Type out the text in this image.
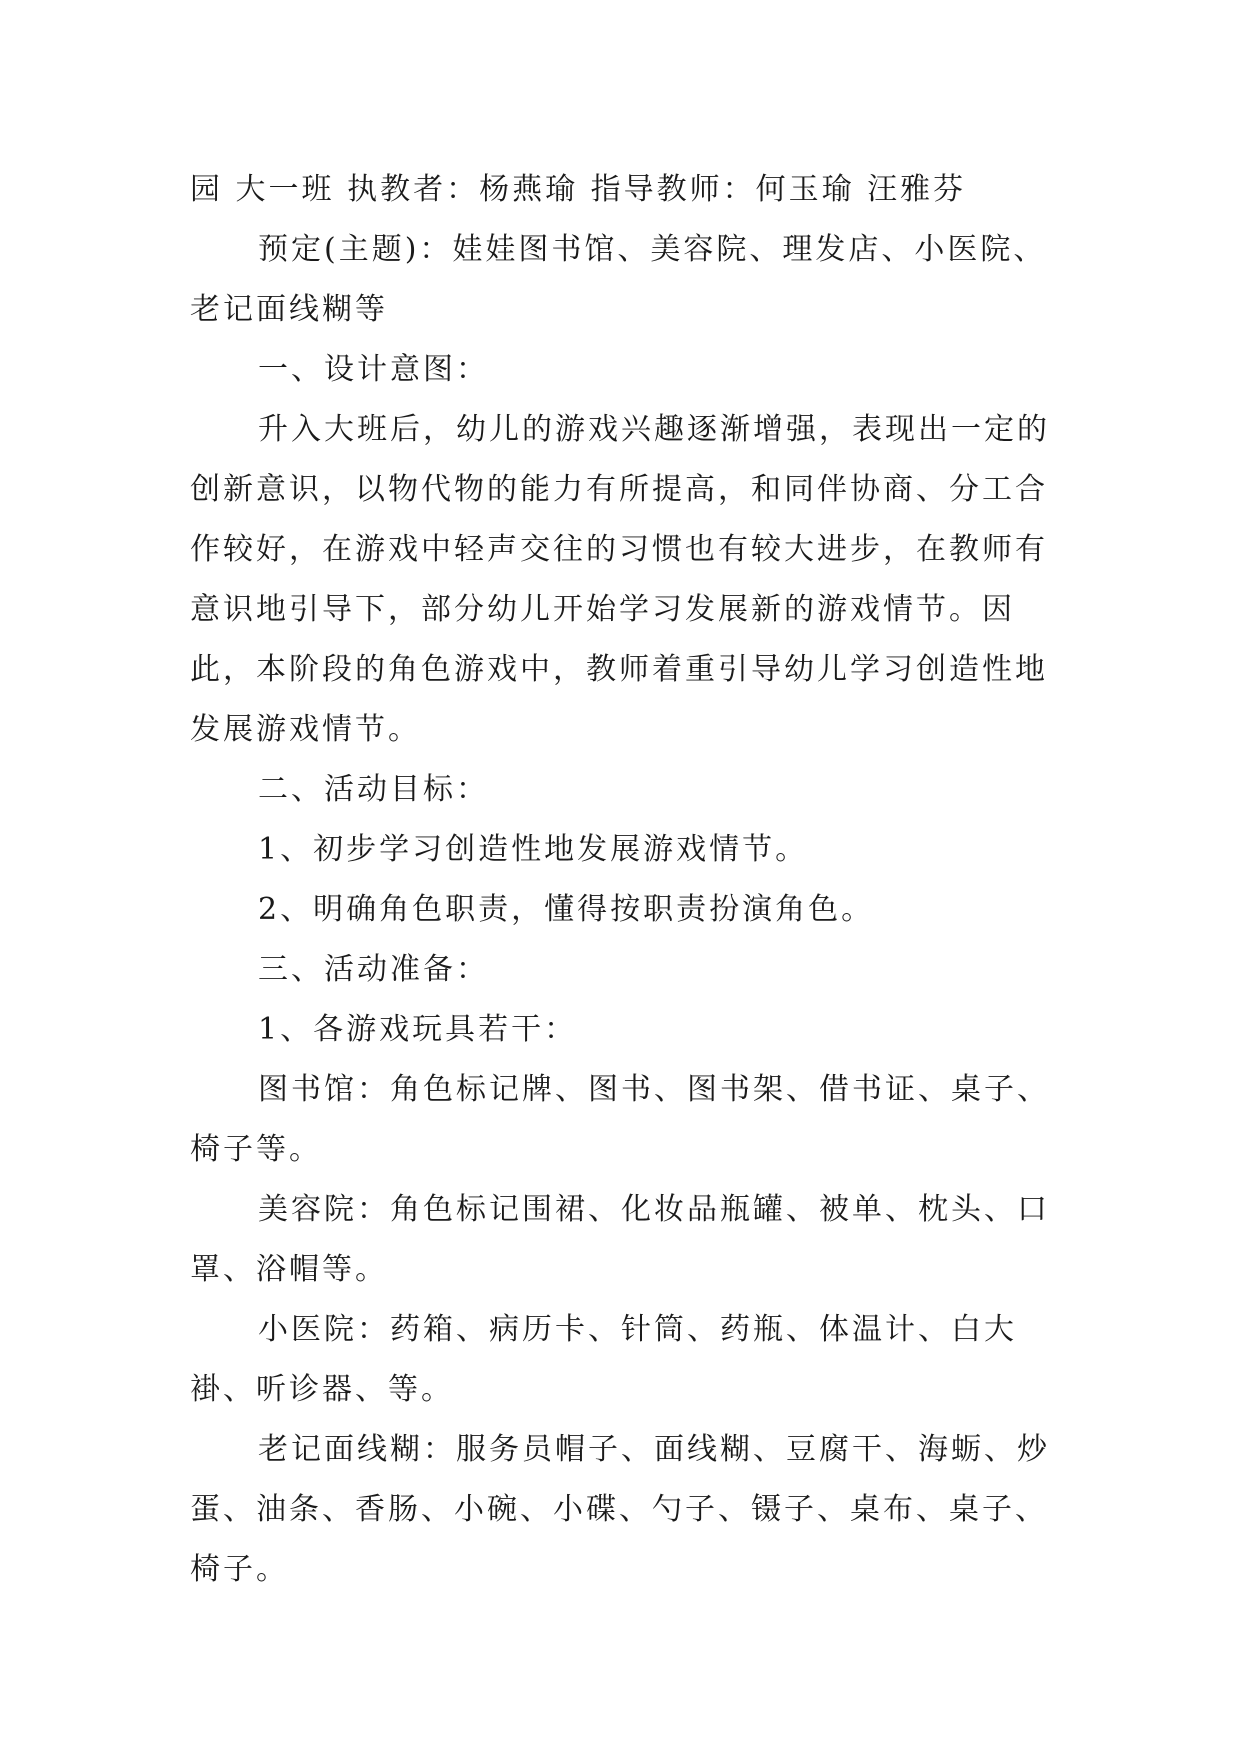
园 大一班 执教者：杨燕瑜 指导教师：何玉瑜 汪雅芬

预定(主题)：娃娃图书馆、美容院、理发店、小医院、老记面线糊等

一、设计意图：

升入大班后，幼儿的游戏兴趣逐渐增强，表现出一定的创新意识，以物代物的能力有所提高，和同伴协商、分工合作较好，在游戏中轻声交往的习惯也有较大进步，在教师有意识地引导下，部分幼儿开始学习发展新的游戏情节。因此，本阶段的角色游戏中，教师着重引导幼儿学习创造性地发展游戏情节。

二、活动目标：

1、初步学习创造性地发展游戏情节。

2、明确角色职责，懂得按职责扮演角色。

三、活动准备：

1、各游戏玩具若干：

图书馆：角色标记牌、图书、图书架、借书证、桌子、椅子等。

美容院：角色标记围裙、化妆品瓶罐、被单、枕头、口罩、浴帽等。

小医院：药箱、病历卡、针筒、药瓶、体温计、白大褂、听诊器、等。

老记面线糊：服务员帽子、面线糊、豆腐干、海蛎、炒蛋、油条、香肠、小碗、小碟、勺子、镊子、桌布、桌子、椅子。
